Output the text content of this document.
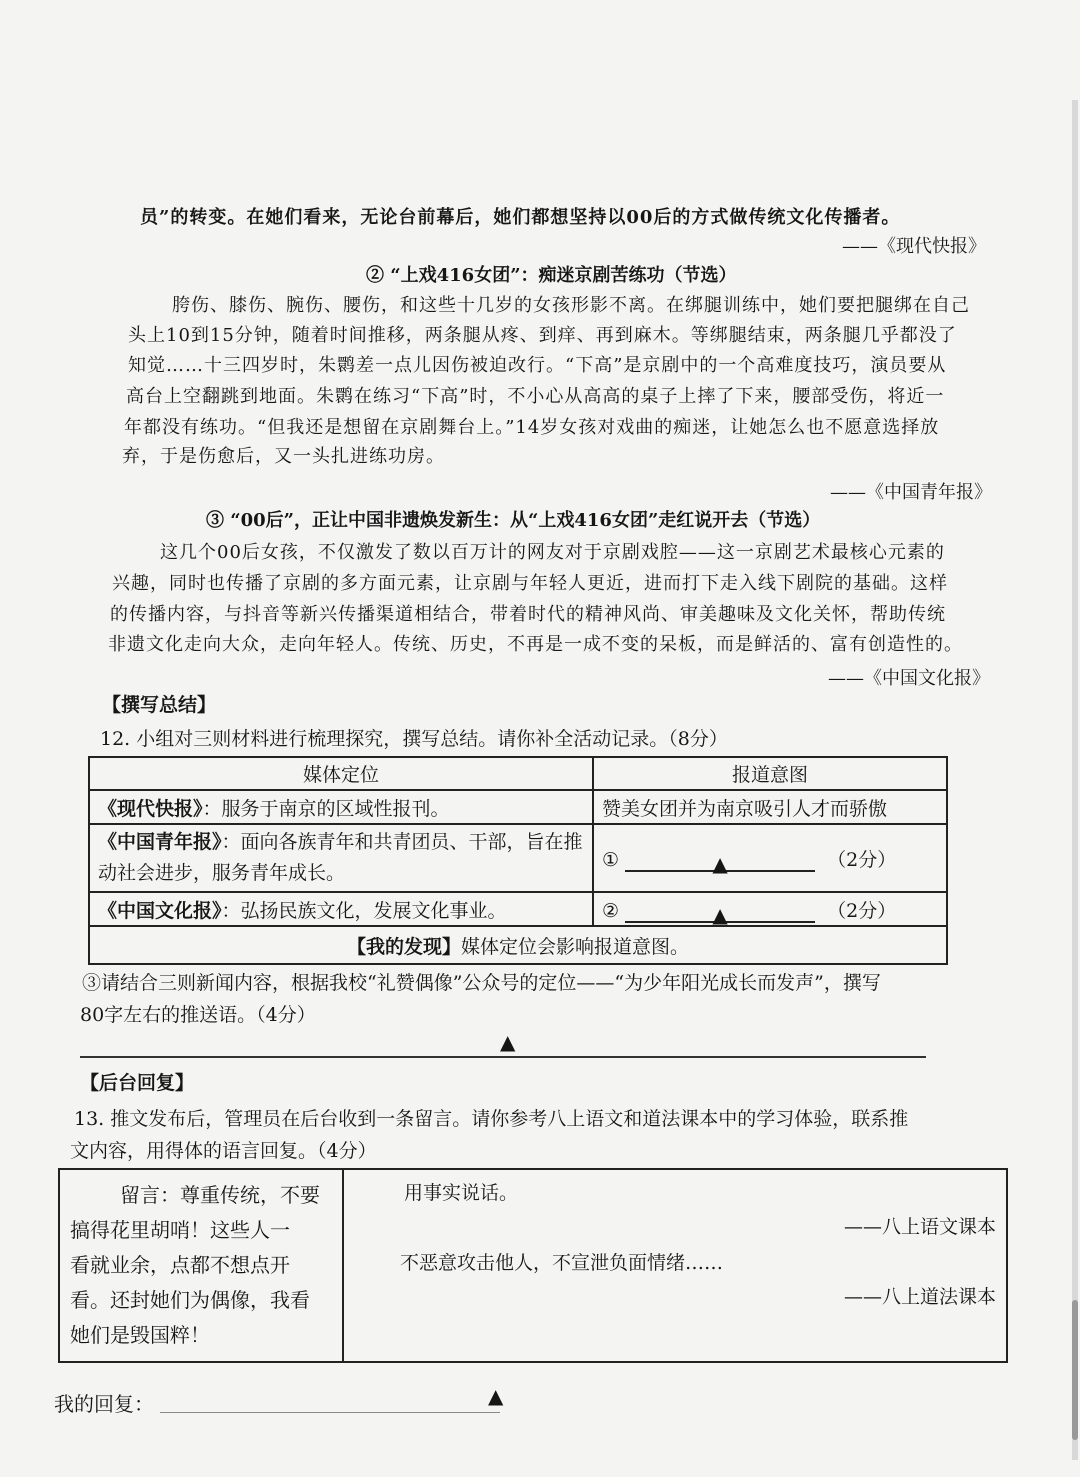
员”的转变。在她们看来，无论台前幕后，她们都想坚持以00后的方式做传统文化传播者。
——《现代快报》
② “上戏416女团”：痴迷京剧苦练功（节选）
胯伤、膝伤、腕伤、腰伤，和这些十几岁的女孩形影不离。在绑腿训练中，她们要把腿绑在自己
头上10到15分钟，随着时间推移，两条腿从疼、到痒、再到麻木。等绑腿结束，两条腿几乎都没了
知觉……十三四岁时，朱鹮差一点儿因伤被迫改行。“下高”是京剧中的一个高难度技巧，演员要从
高台上空翻跳到地面。朱鹮在练习“下高”时，不小心从高高的桌子上摔了下来，腰部受伤，将近一
年都没有练功。“但我还是想留在京剧舞台上。”14岁女孩对戏曲的痴迷，让她怎么也不愿意选择放
弃，于是伤愈后，又一头扎进练功房。
——《中国青年报》
③ “00后”，正让中国非遗焕发新生：从“上戏416女团”走红说开去（节选）
这几个00后女孩，不仅激发了数以百万计的网友对于京剧戏腔——这一京剧艺术最核心元素的
兴趣，同时也传播了京剧的多方面元素，让京剧与年轻人更近，进而打下走入线下剧院的基础。这样
的传播内容，与抖音等新兴传播渠道相结合，带着时代的精神风尚、审美趣味及文化关怀，帮助传统
非遗文化走向大众，走向年轻人。传统、历史，不再是一成不变的呆板，而是鲜活的、富有创造性的。
——《中国文化报》
【撰写总结】
12. 小组对三则材料进行梳理探究，撰写总结。请你补全活动记录。（8分）
媒体定位	报道意图
《现代快报》：服务于南京的区域性报刊。	赞美女团并为南京吸引人才而骄傲
《中国青年报》：面向各族青年和共青团员、干部，旨在推动社会进步，服务青年成长。	① ▲ （2分）
《中国文化报》：弘扬民族文化，发展文化事业。	② ▲ （2分）
【我的发现】媒体定位会影响报道意图。	
③请结合三则新闻内容，根据我校“礼赞偶像”公众号的定位——“为少年阳光成长而发声”，撰写
80字左右的推送语。（4分）
▲
【后台回复】
13. 推文发布后，管理员在后台收到一条留言。请你参考八上语文和道法课本中的学习体验，联系推
文内容，用得体的语言回复。（4分）
留言：尊重传统，不要
搞得花里胡哨！这些人一
看就业余，点都不想点开
看。还封她们为偶像，我看
她们是毁国粹！

用事实说话。
——八上语文课本
不恶意攻击他人，不宣泄负面情绪……
——八上道法课本
我的回复：	▲
